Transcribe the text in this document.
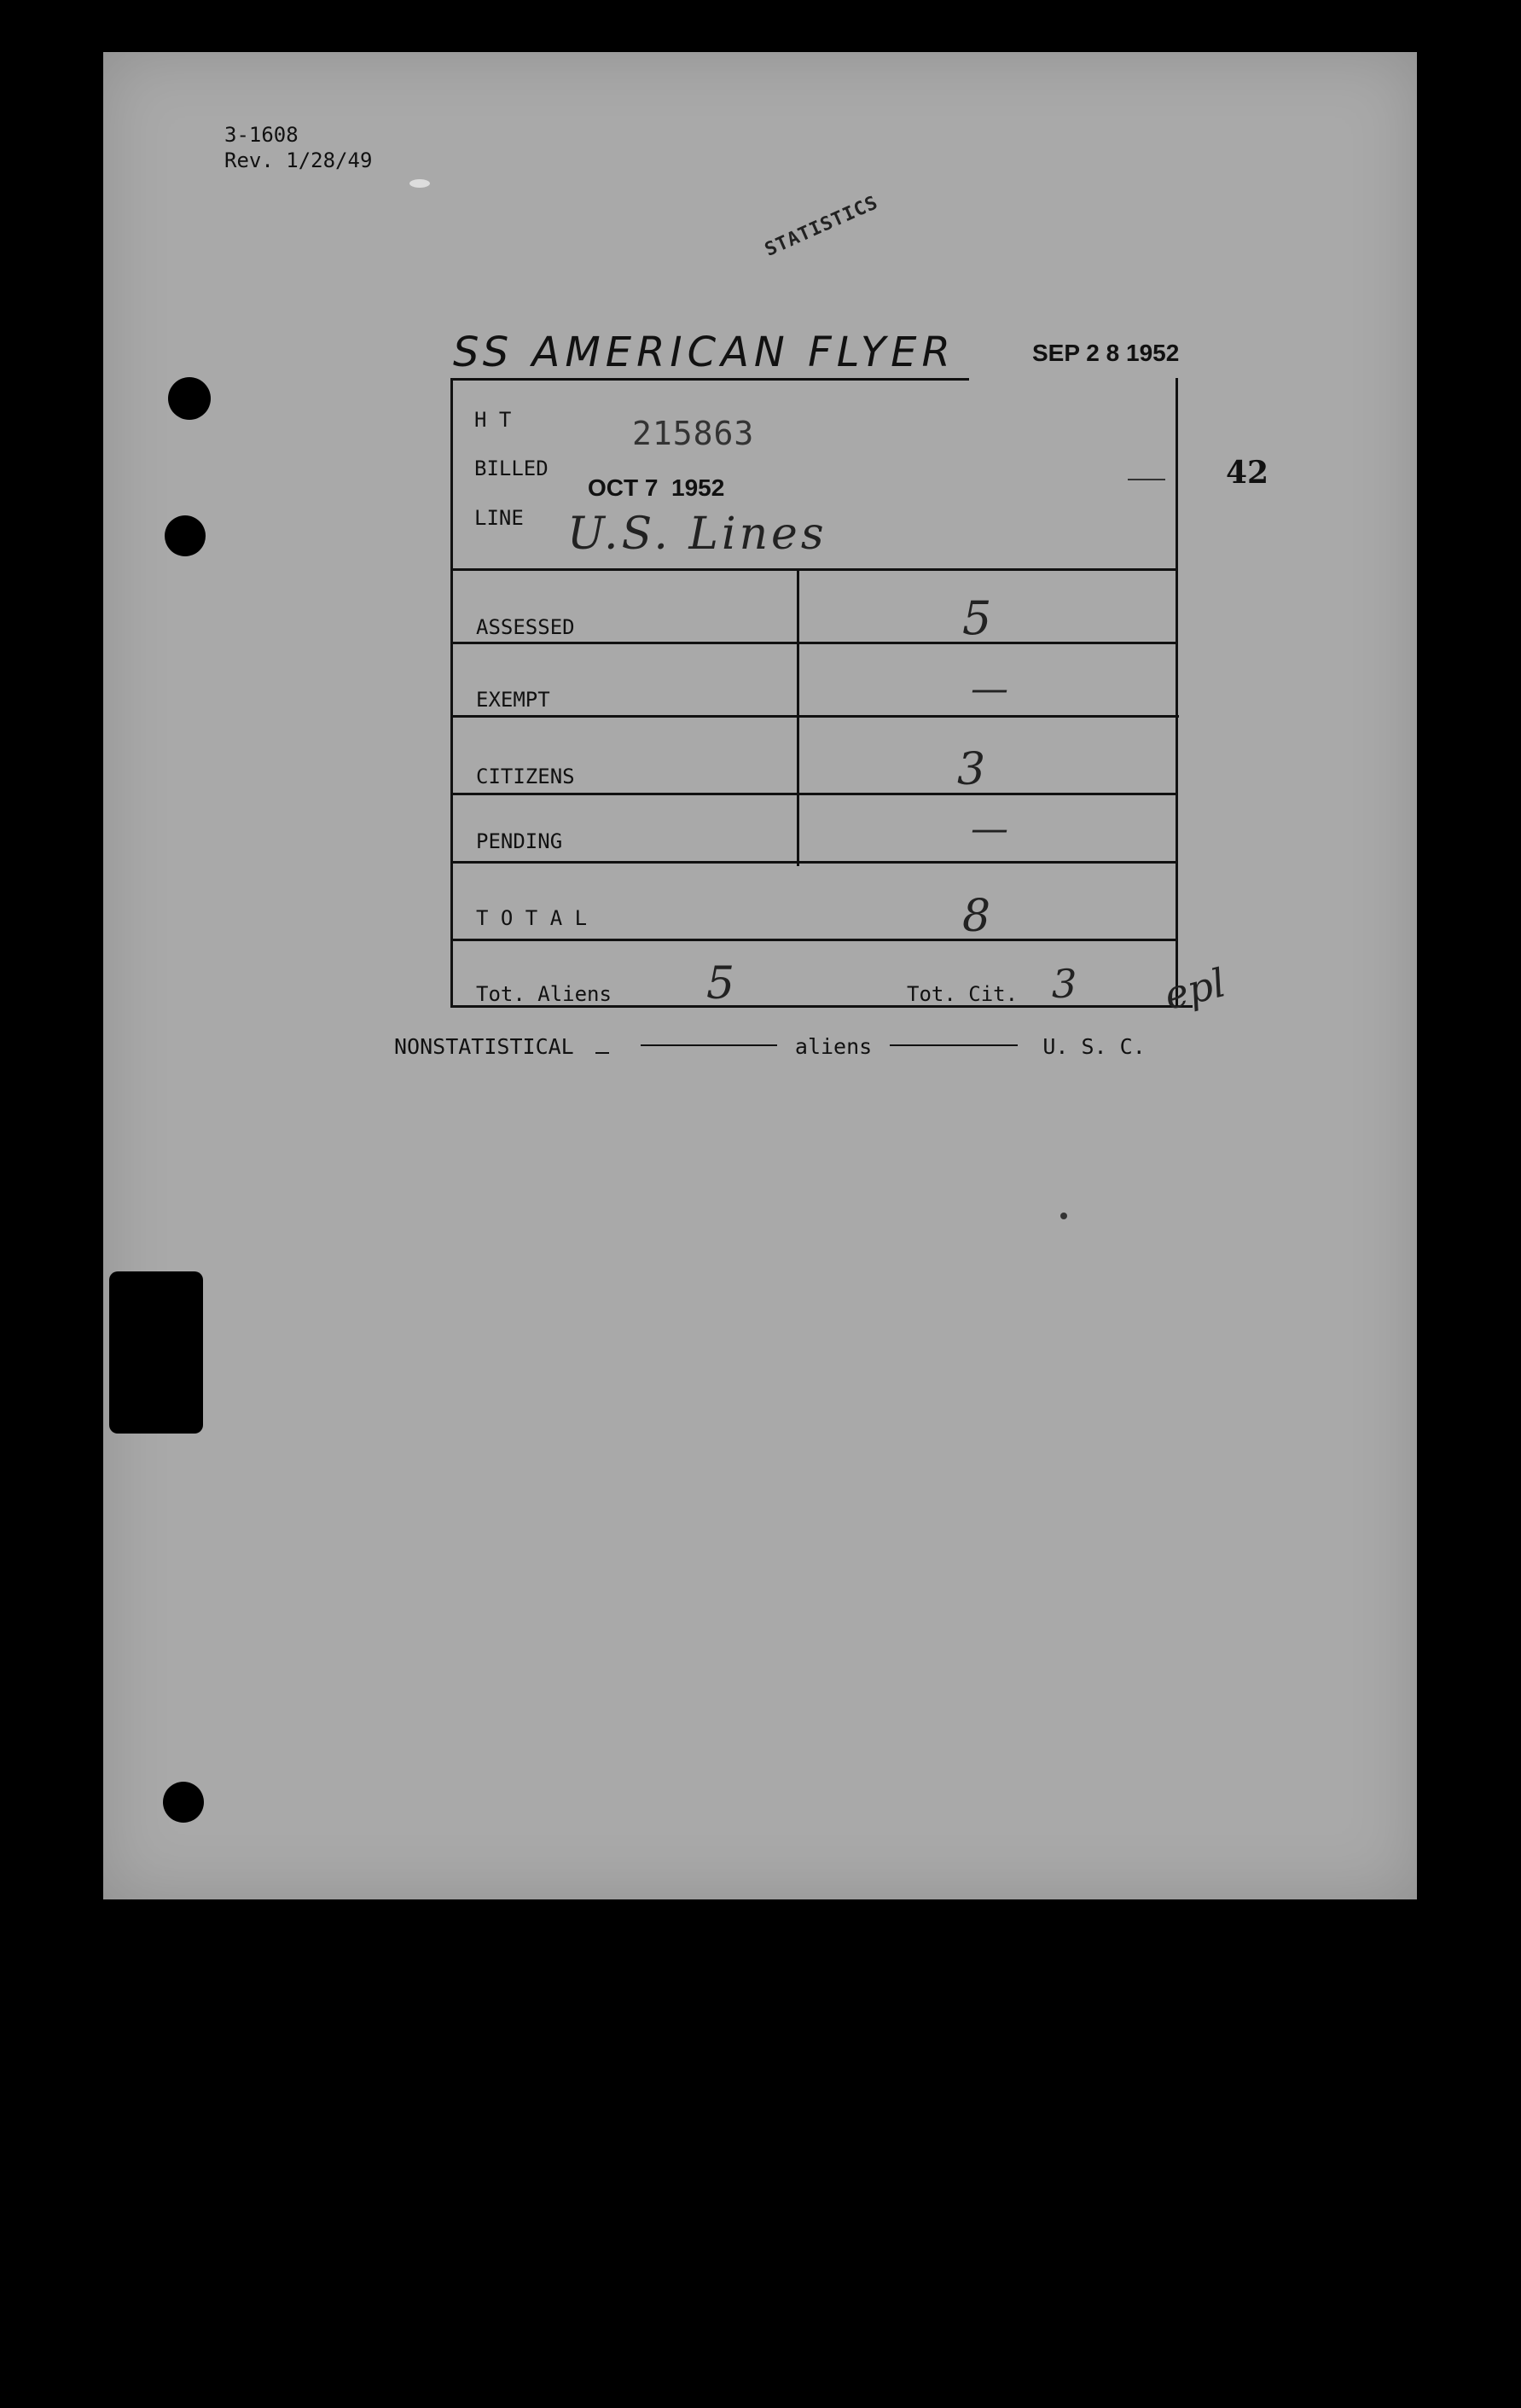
3-1608
Rev. 1/28/49
STATISTICS
SS AMERICAN FLYER	SEP 2 8 1952
42
H T	215863
BILLED
OCT 7  1952
LINE U.S. Lines
ASSESSED	5
EXEMPT	—
CITIZENS	3
PENDING	—
T O T A L	8
Tot. Aliens 5	Tot. Cit. 3 epl
NONSTATISTICAL	aliens	U. S. C.
